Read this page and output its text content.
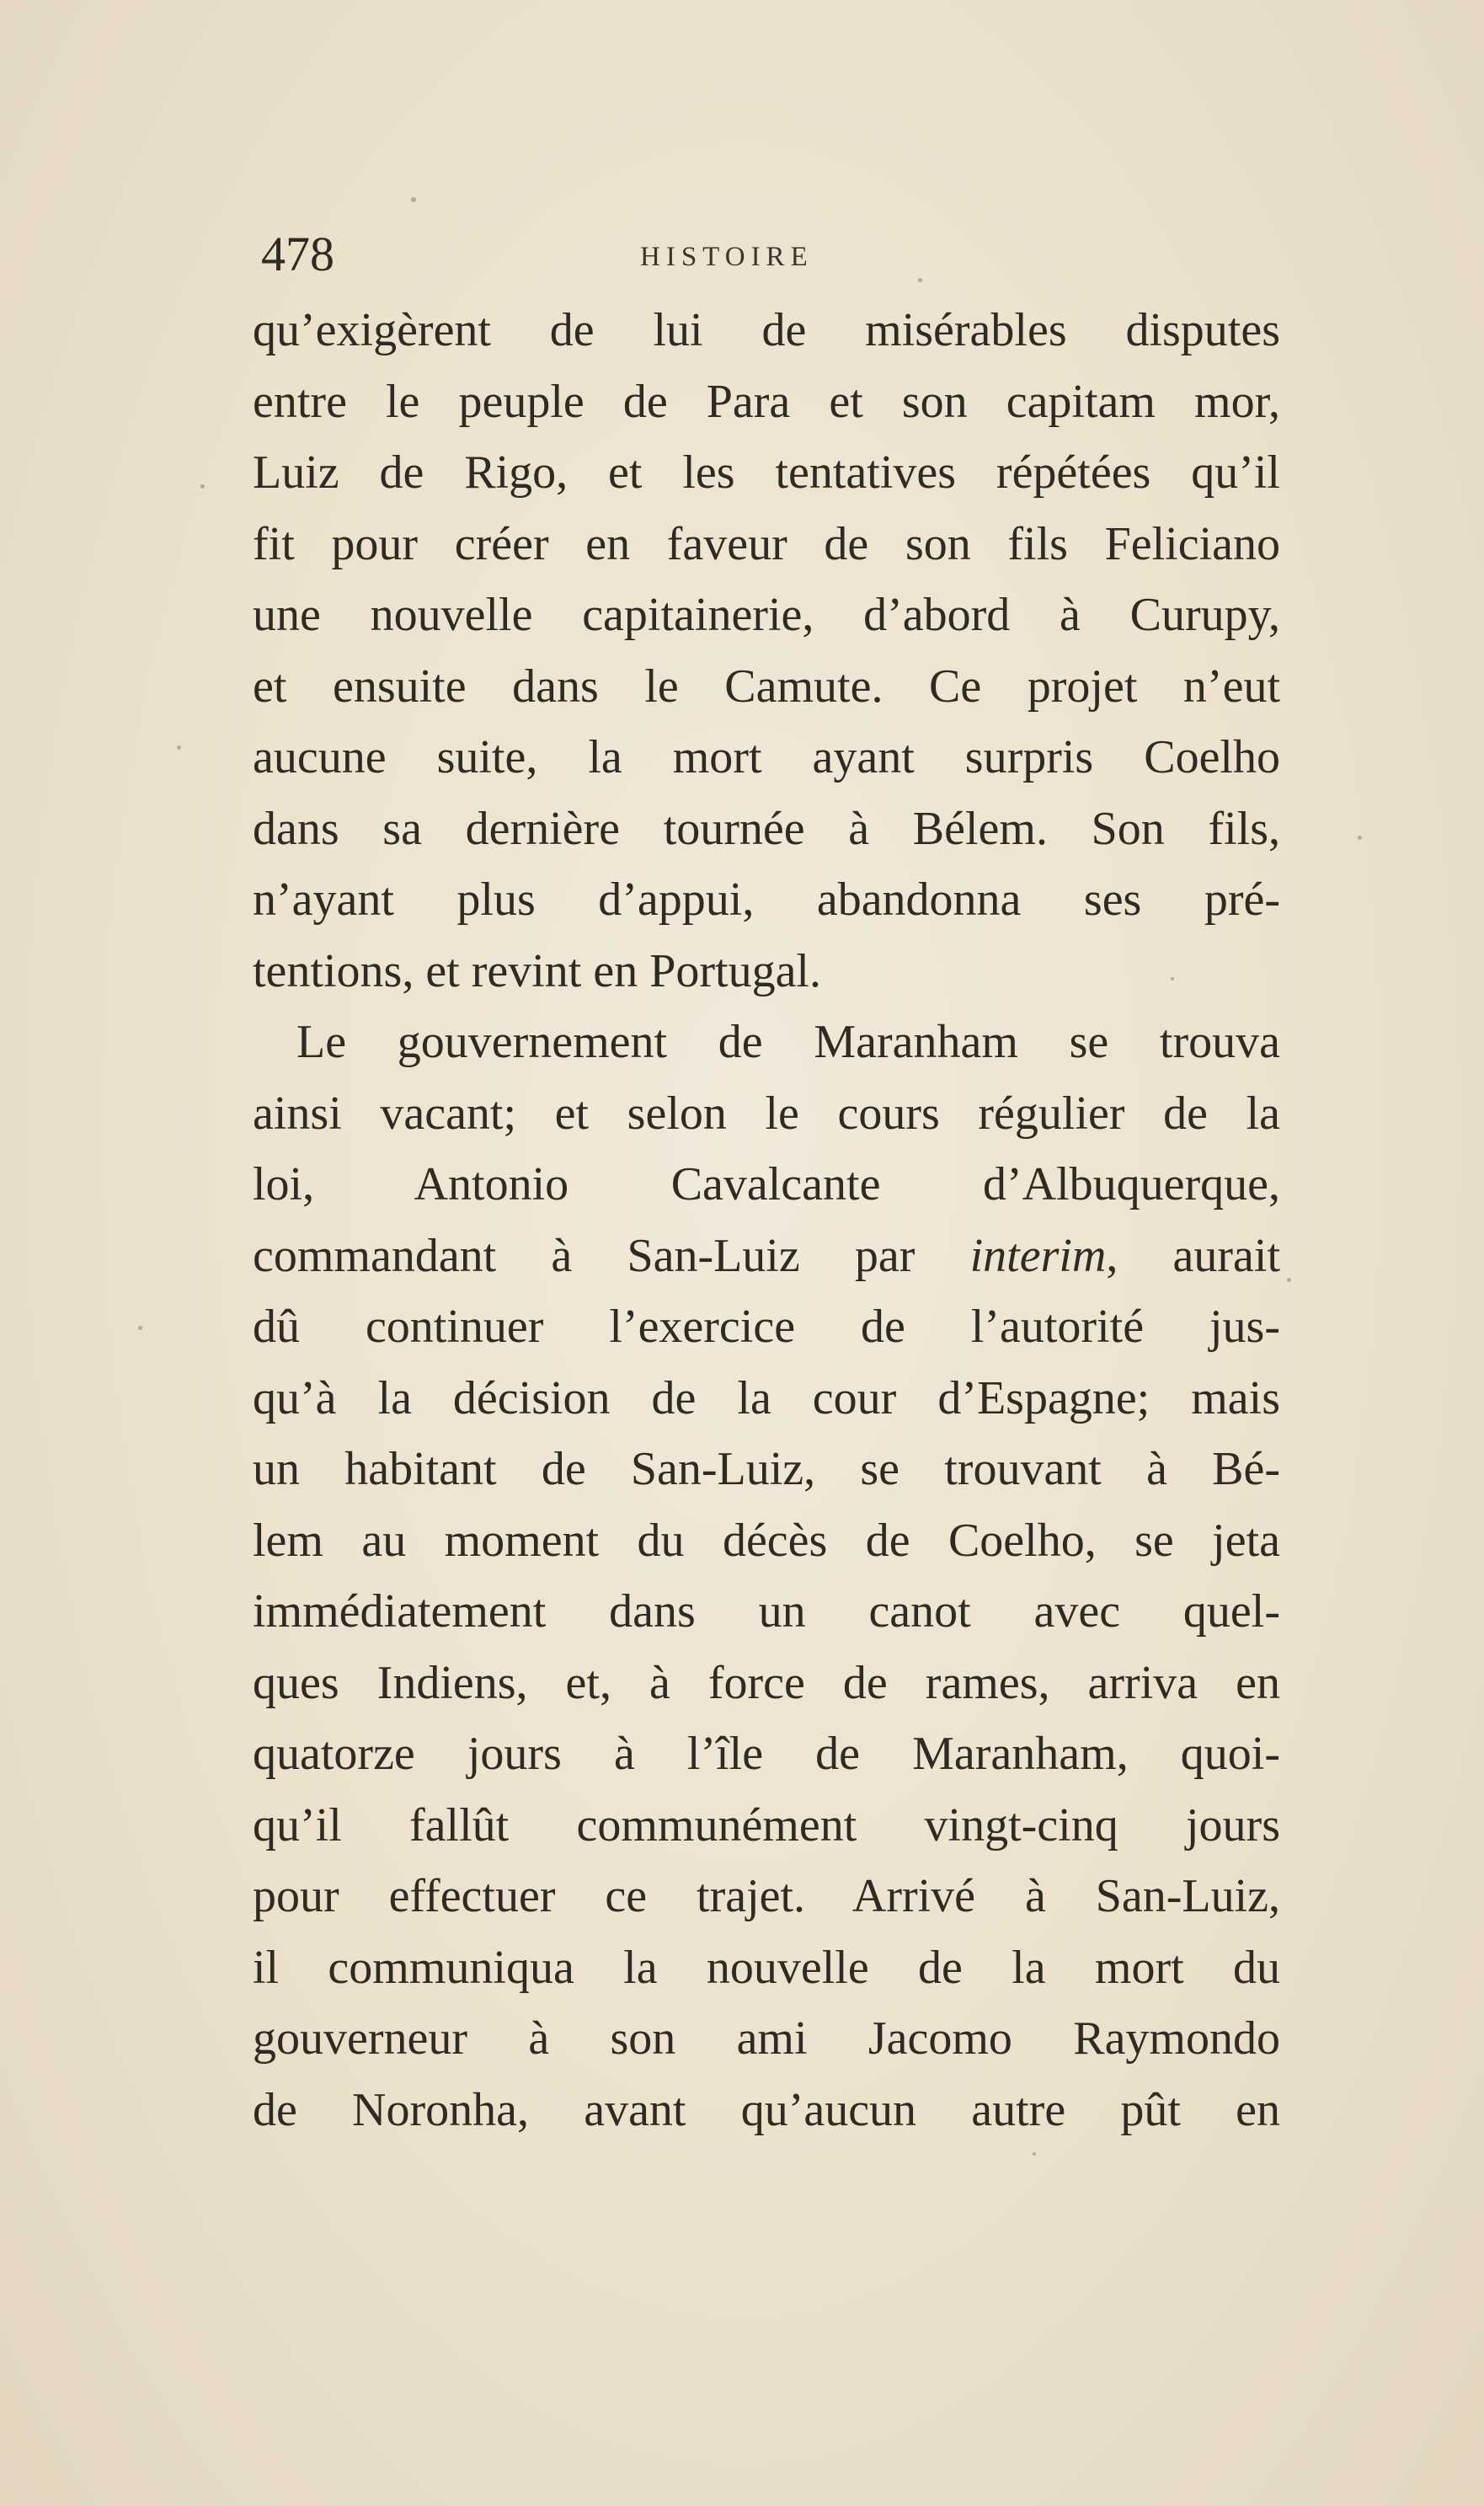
478	HISTOIRE
qu’exigèrent de lui de misérables disputes
entre le peuple de Para et son capitam mor,
Luiz de Rigo, et les tentatives répétées qu’il
fit pour créer en faveur de son fils Feliciano
une nouvelle capitainerie, d’abord à Curupy,
et ensuite dans le Camute. Ce projet n’eut
aucune suite, la mort ayant surpris Coelho
dans sa dernière tournée à Bélem. Son fils,
n’ayant plus d’appui, abandonna ses pré-
tentions, et revint en Portugal.
Le gouvernement de Maranham se trouva
ainsi vacant; et selon le cours régulier de la
loi, Antonio Cavalcante d’Albuquerque,
commandant à San-Luiz par interim, aurait
dû continuer l’exercice de l’autorité jus-
qu’à la décision de la cour d’Espagne; mais
un habitant de San-Luiz, se trouvant à Bé-
lem au moment du décès de Coelho, se jeta
immédiatement dans un canot avec quel-
ques Indiens, et, à force de rames, arriva en
quatorze jours à l’île de Maranham, quoi-
qu’il fallût communément vingt-cinq jours
pour effectuer ce trajet. Arrivé à San-Luiz,
il communiqua la nouvelle de la mort du
gouverneur à son ami Jacomo Raymondo
de Noronha, avant qu’aucun autre pût en
